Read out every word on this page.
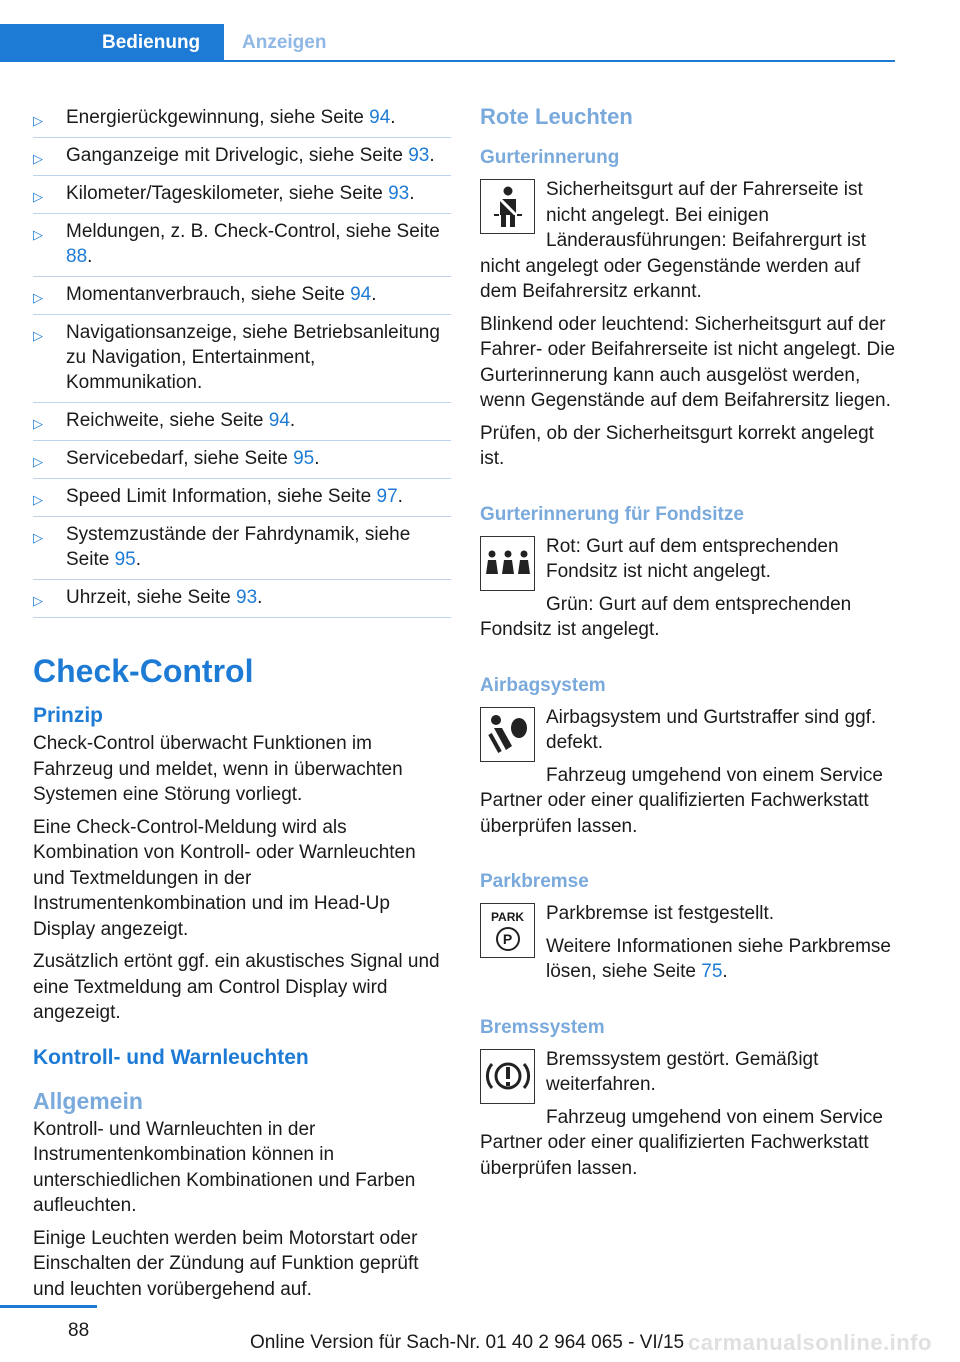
Bedienung	Anzeigen
▷ Energierückgewinnung, siehe Seite 94.
▷ Ganganzeige mit Drivelogic, siehe Seite 93.
▷ Kilometer/Tageskilometer, siehe Seite 93.
▷ Meldungen, z. B. Check-Control, siehe Seite 88.
▷ Momentanverbrauch, siehe Seite 94.
▷ Navigationsanzeige, siehe Betriebsanleitung zu Navigation, Entertainment, Kommunikation.
▷ Reichweite, siehe Seite 94.
▷ Servicebedarf, siehe Seite 95.
▷ Speed Limit Information, siehe Seite 97.
▷ Systemzustände der Fahrdynamik, siehe Seite 95.
▷ Uhrzeit, siehe Seite 93.
Check-Control
Prinzip

Check-Control überwacht Funktionen im Fahrzeug und meldet, wenn in überwachten Systemen eine Störung vorliegt.

Eine Check-Control-Meldung wird als Kombination von Kontroll- oder Warnleuchten und Textmeldungen in der Instrumentenkombination und im Head-Up Display angezeigt.

Zusätzlich ertönt ggf. ein akustisches Signal und eine Textmeldung am Control Display wird angezeigt.

Kontroll- und Warnleuchten
Allgemein

Kontroll- und Warnleuchten in der Instrumentenkombination können in unterschiedlichen Kombinationen und Farben aufleuchten.

Einige Leuchten werden beim Motorstart oder Einschalten der Zündung auf Funktion geprüft und leuchten vorübergehend auf.

Rote Leuchten
Gurterinnerung
Sicherheitsgurt auf der Fahrerseite ist nicht angelegt. Bei einigen Länderausführungen: Beifahrergurt ist nicht angelegt oder Gegenstände werden auf dem Beifahrersitz erkannt.

Blinkend oder leuchtend: Sicherheitsgurt auf der Fahrer- oder Beifahrerseite ist nicht angelegt. Die Gurterinnerung kann auch ausgelöst werden, wenn Gegenstände auf dem Beifahrersitz liegen.

Prüfen, ob der Sicherheitsgurt korrekt angelegt ist.

Gurterinnerung für Fondsitze
Rot: Gurt auf dem entsprechenden Fondsitz ist nicht angelegt.

Grün: Gurt auf dem entsprechenden Fondsitz ist angelegt.

Airbagsystem
Airbagsystem und Gurtstraffer sind ggf. defekt.

Fahrzeug umgehend von einem Service Partner oder einer qualifizierten Fachwerkstatt überprüfen lassen.

Parkbremse
PARK
P
Parkbremse ist festgestellt.

Weitere Informationen siehe Parkbremse lösen, siehe Seite 75.

Bremssystem
Bremssystem gestört. Gemäßigt weiterfahren.

Fahrzeug umgehend von einem Service Partner oder einer qualifizierten Fachwerkstatt überprüfen lassen.

88
Online Version für Sach-Nr. 01 40 2 964 065 - VI/15 carmanualsonline.info
